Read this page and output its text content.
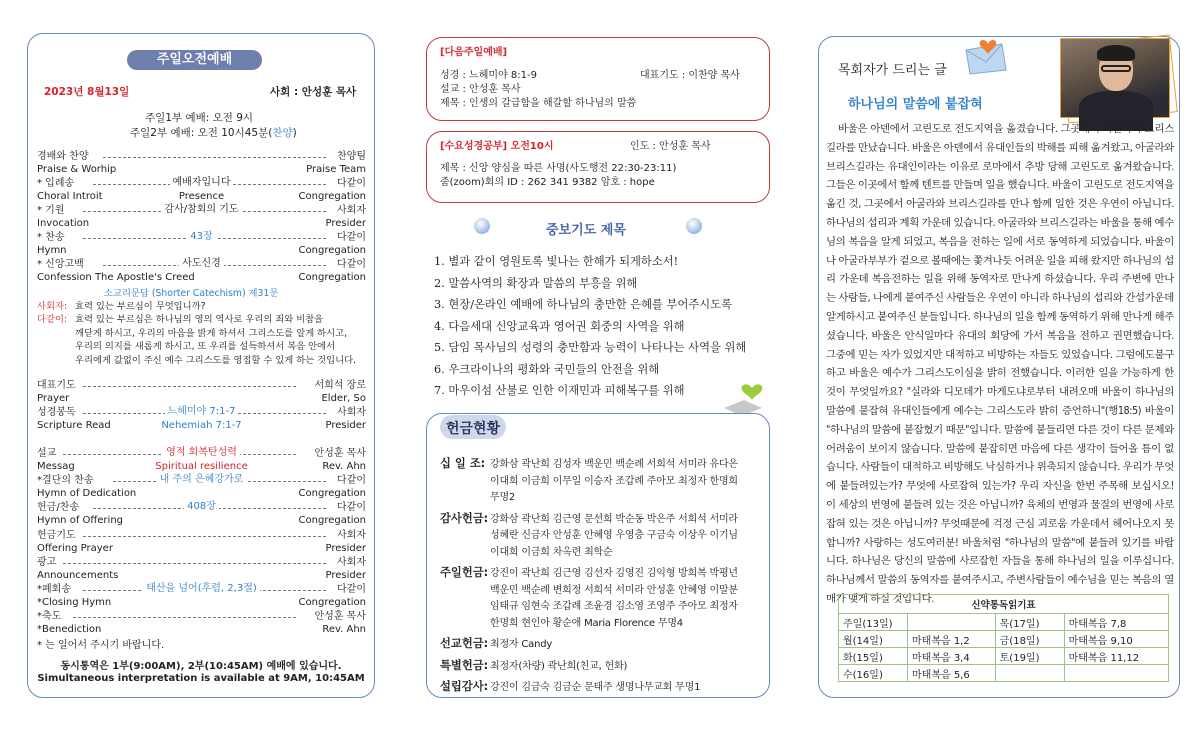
주일오전예배
2023년 8월13일	사회 : 안성훈 목사
주일1부 예배: 오전 9시
주일2부 예배: 오전 10시45분(찬양)
경배와 찬양	찬양팀
Praise & Worhip	Praise Team
* 입례송	다같이
예배자입니다
Choral Introit	Presence	Congregation
* 기원	사회자
감사/참회의 기도
Invocation	Presider
* 찬송	다같이
43장
Hymn	Congregation
* 신앙고백	다같이
사도신경
Confession The Apostle's Creed	Congregation
소교리문답 (Shorter Catechism) 제31문
사회자: 효력 있는 부르심이 무엇입니까?
다같이: 효력 있는 부르심은 하나님의 영의 역사로 우리의 죄와 비참을
깨닫게 하시고, 우리의 마음을 밝게 하셔서 그리스도를 알게 하시고,
우리의 의지를 새롭게 하시고, 또 우리를 설득하셔서 복음 안에서
우리에게 값없이 주신 예수 그리스도를 영접할 수 있게 하는 것입니다.
대표기도	서희석 장로
Prayer	Elder, So
성경봉독	사회자
느헤미야 7:1-7
Scripture Read	Nehemiah 7:1-7	Presider
설교	안성훈 목사
영적 회복탄성력
Messag	Spiritual resilience	Rev. Ahn
*결단의 찬송	다같이
내 주의 은혜강가로
Hymn of Dedication	Congregation
헌금/찬송	다같이
408장
Hymn of Offering	Congregation
헌금기도	사회자
Offering Prayer	Presider
광고	사회자
Announcements	Presider
*폐회송	다같이
태산을 넘어(후렴, 2,3절)
*Closing Hymn	Congregation
*축도	안성훈 목사
*Benediction	Rev. Ahn
* 는 일어서 주시기 바랍니다.
동시통역은 1부(9:00AM), 2부(10:45AM) 예배에 있습니다.
Simultaneous interpretation is available at 9AM, 10:45AM
[다음주일예배]
성경 : 느헤미야 8:1-9	대표기도 : 이찬양 목사
설교 : 안성훈 목사
제목 : 인생의 갈급함을 해갈할 하나님의 말씀
[수요성경공부] 오전10시	인도 : 안성훈 목사
제목 : 신앙 양심을 따른 사명(사도행전 22:30-23:11)
줌(zoom)회의 ID : 262 341 9382 암호 : hope
중보기도 제목
1. 별과 같이 영원토록 빛나는 한해가 되게하소서!
2. 말씀사역의 확장과 말씀의 부흥을 위해
3. 현장/온라인 예배에 하나님의 충만한 은혜를 부어주시도록
4. 다음세대 신앙교육과 영어권 회중의 사역을 위해
5. 담임 목사님의 성령의 충만함과 능력이 나타나는 사역을 위해
6. 우크라이나의 평화와 국민들의 안전을 위해
7. 마우이섬 산불로 인한 이재민과 피해복구를 위해
헌금현황
십 일 조: 강화삼 곽난희 김성자 백운민 백순례 서희석 서미라 유다은
이대희 이금희 이무일 이승자 조갑례 주아모 최정자 한명희
무명2
감사헌금: 강화삼 곽난희 김근영 문선희 박순동 박은주 서희석 서미라
성혜란 신금자 안성훈 안혜영 우영층 구금숙 이상우 이기님
이대희 이금희 차옥련 최학순
주일헌금: 강진이 곽난희 김근영 김선자 김영진 김익형 방희복 박평년
백운민 백순례 변희정 서희석 서미라 안성훈 안혜영 이말분
임태규 임현숙 조갑례 조윤경 김소영 조영주 주아모 최정자
한명희 현인아 황순애 Maria Florence 무명4
선교헌금: 최정자 Candy
특별헌금: 최정자(차량) 곽난희(친교, 헌화)
설립감사: 강진이 김금숙 김금순 문태주 생명나무교회 무명1
목회자가 드리는 글
하나님의 말씀에 붙잡혀
바울은 아덴에서 고린도로 전도지역을 옮겼습니다. 그곳에서 아굴라와 브리스길라를 만났습니다. 바울은 아덴에서 유대인들의 박해를 피해 옮겨왔고, 아굴라와 브리스길라는 유대인이라는 이유로 로마에서 추방 당해 고린도로 옮겨왔습니다. 그들은 이곳에서 함께 텐트를 만들며 일을 했습니다. 바울이 고린도로 전도지역을 옮긴 것, 그곳에서 아굴라와 브리스길라를 만나 함께 일한 것은 우연이 아닙니다. 하나님의 섭리과 계획 가운데 있습니다. 아굴라와 브리스길라는 바울을 통해 예수님의 복음을 알게 되었고, 복음을 전하는 일에 서로 동역하게 되었습니다. 바울이나 아굴라부부가 겉으로 볼때에는 쫓겨나듯 어려운 일을 피해 왔지만 하나님의 섭리 가운데 복음전하는 일을 위해 동역자로 만나게 하셨습니다. 우리 주변에 만나는 사람들, 나에게 붙여주신 사람들은 우연이 아니라 하나님의 섭리와 간섭가운데 알게하시고 붙여주신 분들입니다. 하나님의 일을 함께 동역하기 위해 만나게 해주셨습니다. 바울은 안식일마다 유대의 회당에 가서 복음을 전하고 권면했습니다. 그중에 믿는 자가 있었지만 대적하고 비방하는 자들도 있었습니다. 그럼에도불구하고 바울은 예수가 그리스도이심을 밝히 전했습니다. 이러한 일을 가능하게 한 것이 무엇일까요? "실라와 디모데가 마게도냐로부터 내려오매 바울이 하나님의 말씀에 붙잡혀 유대인들에게 예수는 그리스도라 밝히 증언하니"(행18:5) 바울이 "하나님의 말씀에 붙잡혔기 때문"입니다. 말씀에 붙들리면 다른 것이 다른 문제와 어려움이 보이지 않습니다. 말씀에 붙잡히면 마음에 다른 생각이 들어올 틈이 없습니다. 사람들이 대적하고 비방해도 낙심하거나 위축되지 않습니다. 우리가 무엇에 붙들려있는가? 무엇에 사로잡혀 있는가? 우리 자신을 한번 주목해 보십시오! 이 세상의 번영에 붙들려 있는 것은 아닙니까? 육체의 번영과 물질의 번영에 사로잡혀 있는 것은 아닙니까? 무엇때문에 걱정 근심 괴로움 가운데서 헤어나오지 못합니까? 사랑하는 성도여러분! 바울처럼 "하나님의 말씀"에 붙들려 있기를 바랍니다. 하나님은 당신의 말씀에 사로잡힌 자들을 통해 하나님의 일을 이루십니다. 하나님께서 말씀의 동역자를 붙여주시고, 주변사람들이 예수님을 믿는 복음의 열매가 맺게 하실 것입니다.
신약통독읽기표			
주일(13일)		목(17일)	마태복음 7,8
월(14일)	마태복음 1,2	금(18일)	마태복음 9,10
화(15일)	마태복음 3,4	토(19일)	마태복음 11,12
수(16일)	마태복음 5,6		
